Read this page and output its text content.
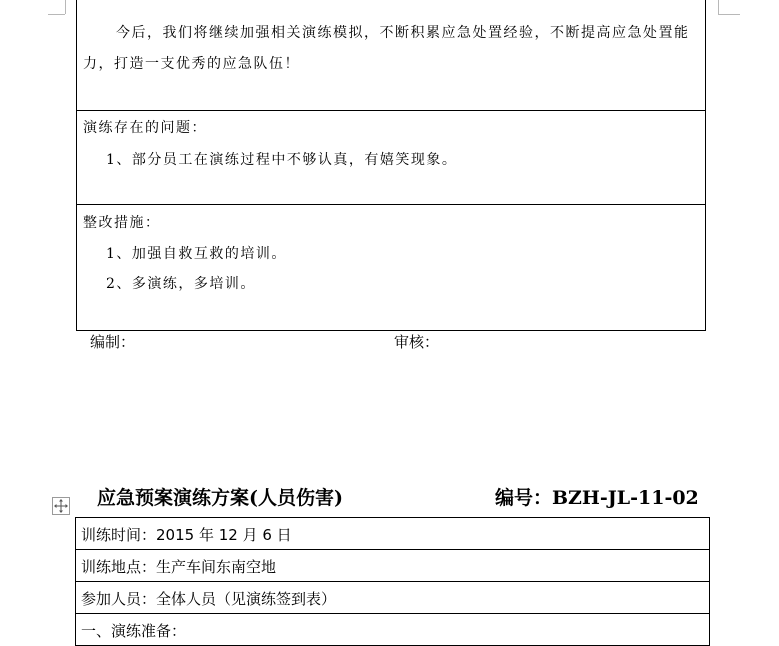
今后，我们将继续加强相关演练模拟，不断积累应急处置经验，不断提高应急处置能
力，打造一支优秀的应急队伍！
演练存在的问题：
1、部分员工在演练过程中不够认真，有嬉笑现象。
整改措施：
1、加强自救互救的培训。
2、多演练，多培训。
编制：	审核：
应急预案演练方案(人员伤害)	编号：BZH-JL-11-02
训练时间：2015 年 12 月 6 日
训练地点：生产车间东南空地
参加人员：全体人员（见演练签到表）
一、演练准备：
